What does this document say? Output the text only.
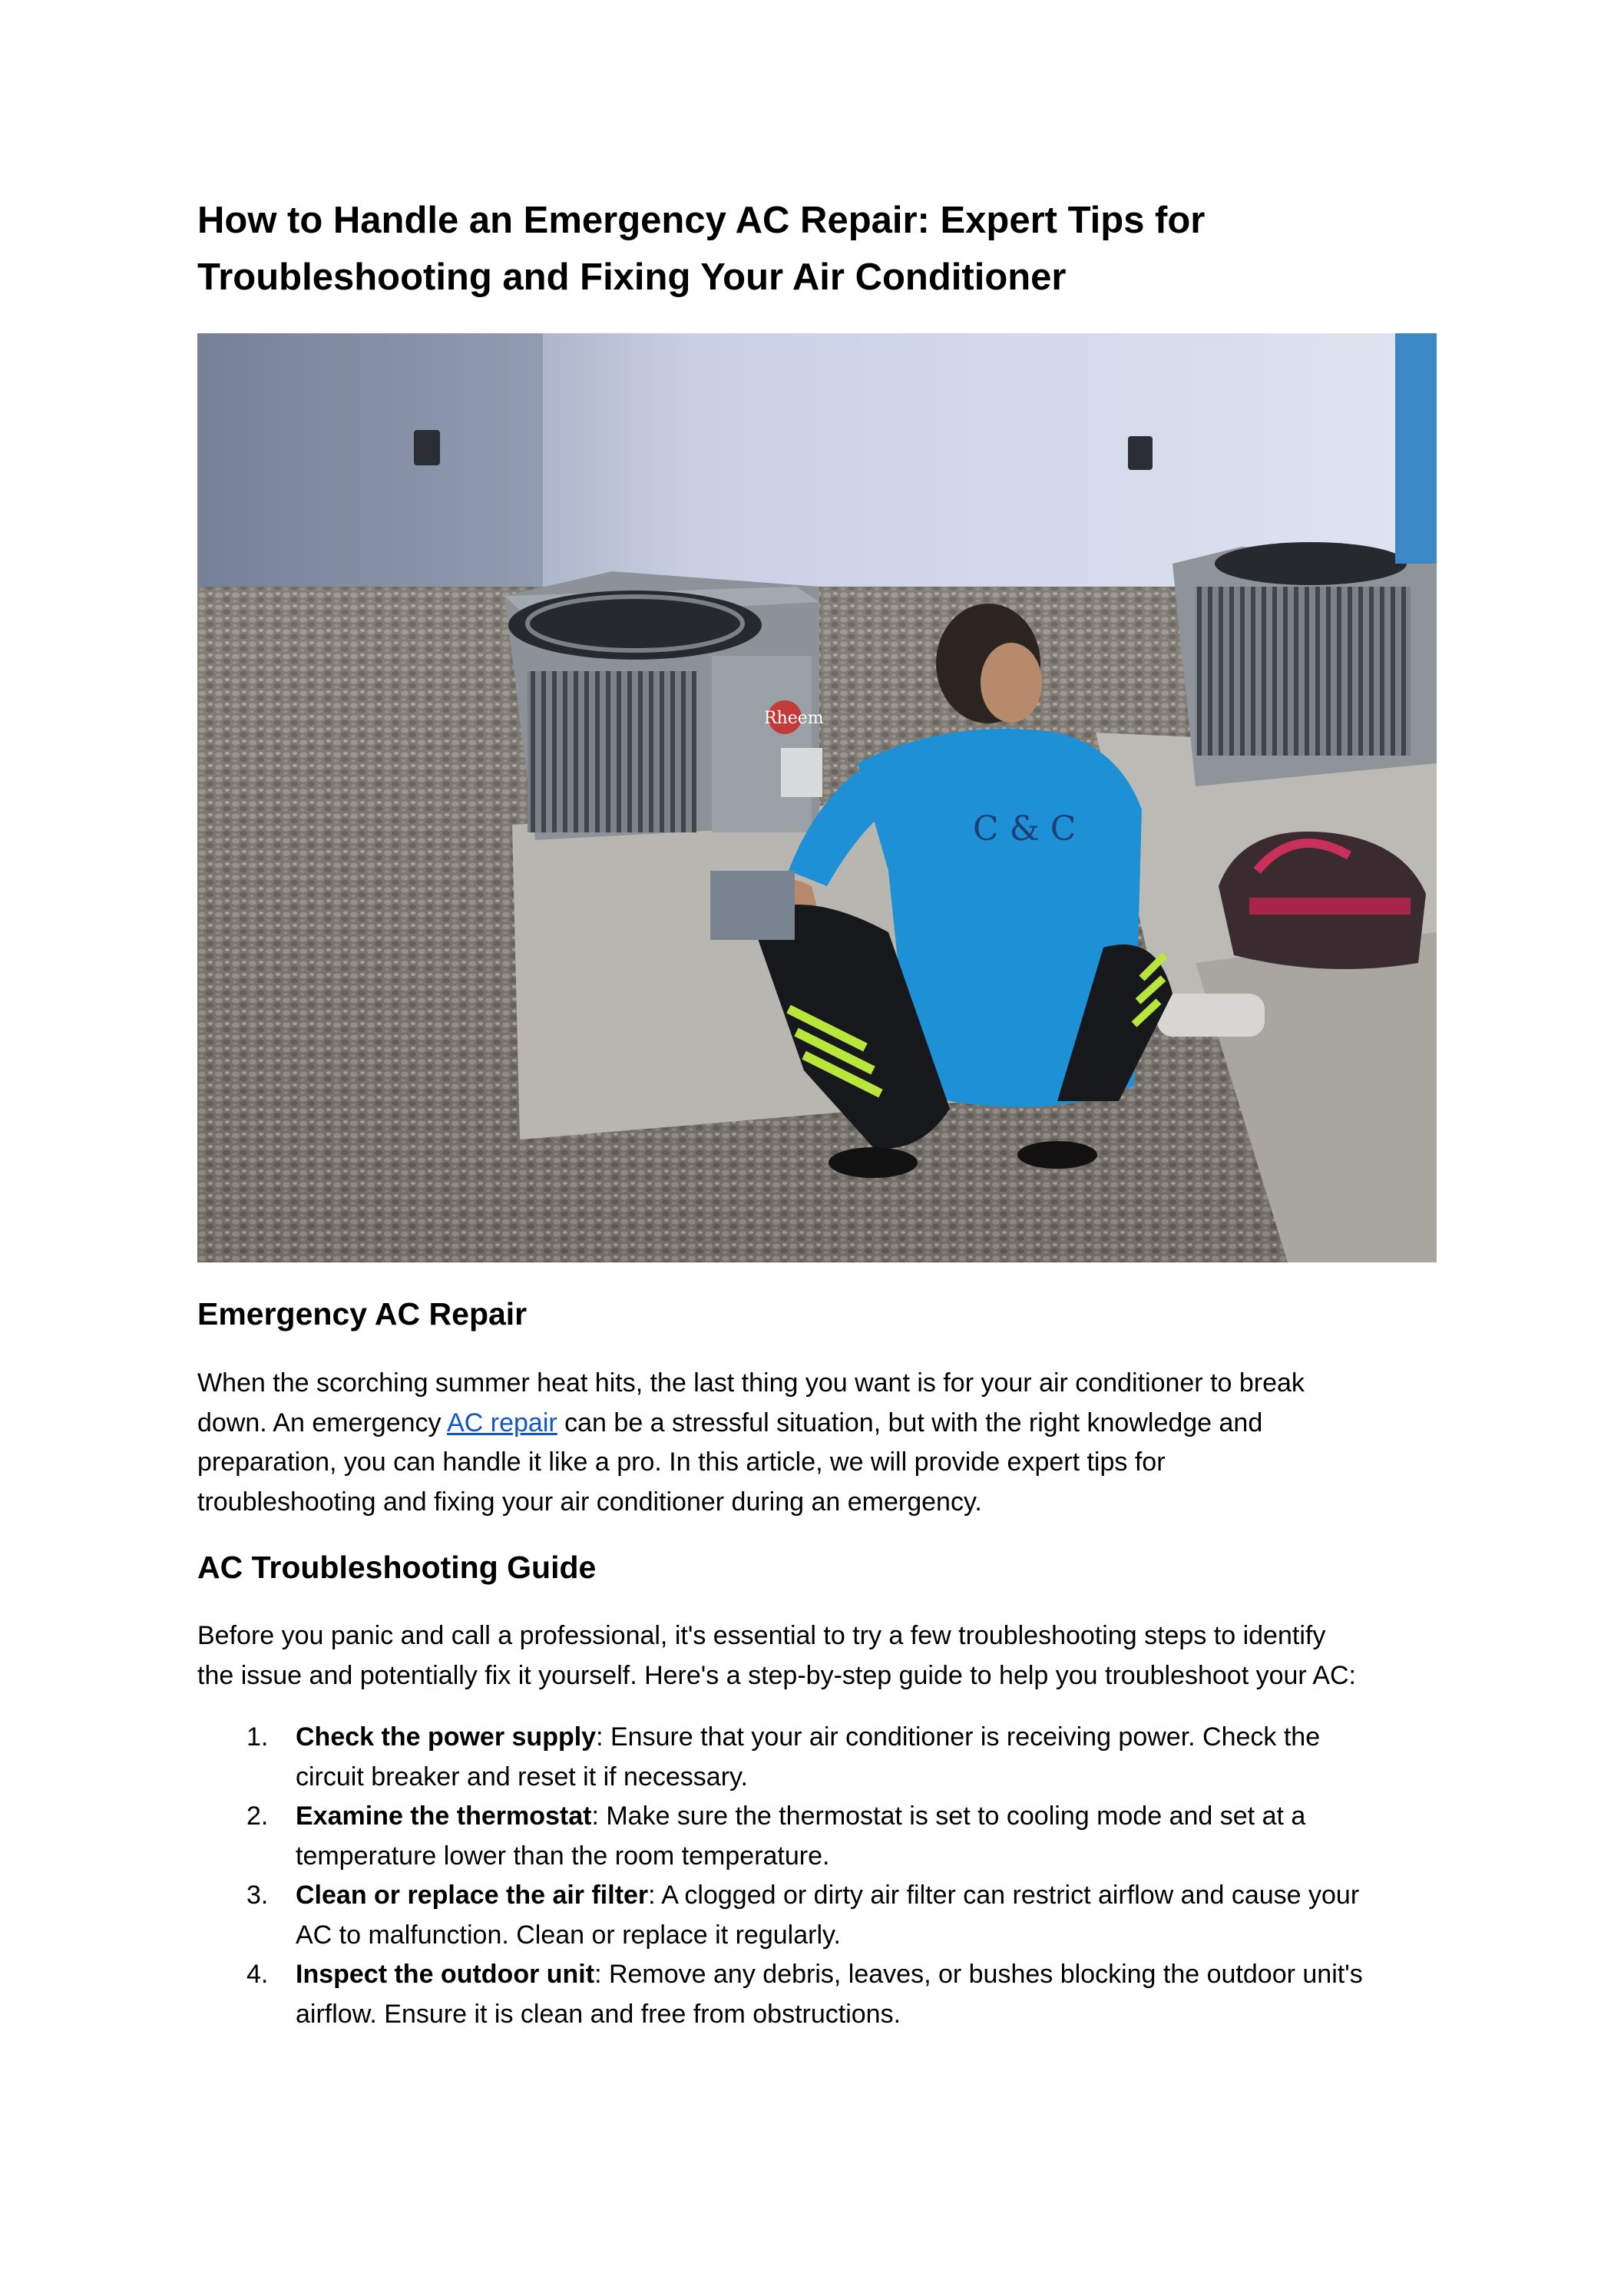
How to Handle an Emergency AC Repair: Expert Tips for
Troubleshooting and Fixing Your Air Conditioner
C & C
Rheem
Emergency AC Repair

When the scorching summer heat hits, the last thing you want is for your air conditioner to break
down. An emergency AC repair can be a stressful situation, but with the right knowledge and
preparation, you can handle it like a pro. In this article, we will provide expert tips for
troubleshooting and fixing your air conditioner during an emergency.

AC Troubleshooting Guide

Before you panic and call a professional, it's essential to try a few troubleshooting steps to identify
the issue and potentially fix it yourself. Here's a step-by-step guide to help you troubleshoot your AC:

1. Check the power supply: Ensure that your air conditioner is receiving power. Check the
circuit breaker and reset it if necessary.
2. Examine the thermostat: Make sure the thermostat is set to cooling mode and set at a
temperature lower than the room temperature.
3. Clean or replace the air filter: A clogged or dirty air filter can restrict airflow and cause your
AC to malfunction. Clean or replace it regularly.
4. Inspect the outdoor unit: Remove any debris, leaves, or bushes blocking the outdoor unit's
airflow. Ensure it is clean and free from obstructions.
